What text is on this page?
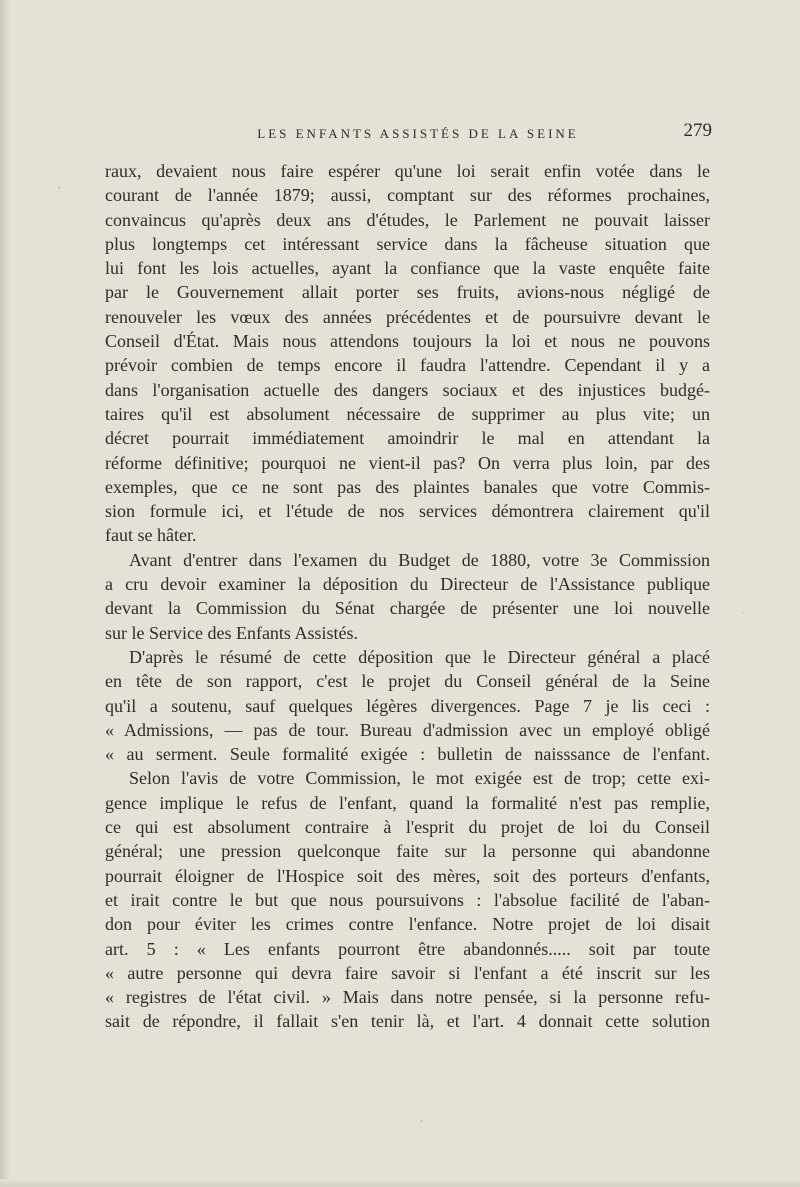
LES ENFANTS ASSISTÉS DE LA SEINE	279
raux, devaient nous faire espérer qu'une loi serait enfin votée dans le
courant de l'année 1879; aussi, comptant sur des réformes prochaines,
convaincus qu'après deux ans d'études, le Parlement ne pouvait laisser
plus longtemps cet intéressant service dans la fâcheuse situation que
lui font les lois actuelles, ayant la confiance que la vaste enquête faite
par le Gouvernement allait porter ses fruits, avions-nous négligé de
renouveler les vœux des années précédentes et de poursuivre devant le
Conseil d'État. Mais nous attendons toujours la loi et nous ne pouvons
prévoir combien de temps encore il faudra l'attendre. Cependant il y a
dans l'organisation actuelle des dangers sociaux et des injustices budgé-
taires qu'il est absolument nécessaire de supprimer au plus vite; un
décret pourrait immédiatement amoindrir le mal en attendant la
réforme définitive; pourquoi ne vient-il pas? On verra plus loin, par des
exemples, que ce ne sont pas des plaintes banales que votre Commis-
sion formule ici, et l'étude de nos services démontrera clairement qu'il
faut se hâter.
Avant d'entrer dans l'examen du Budget de 1880, votre 3e Commission
a cru devoir examiner la déposition du Directeur de l'Assistance publique
devant la Commission du Sénat chargée de présenter une loi nouvelle
sur le Service des Enfants Assistés.
D'après le résumé de cette déposition que le Directeur général a placé
en tête de son rapport, c'est le projet du Conseil général de la Seine
qu'il a soutenu, sauf quelques légères divergences. Page 7 je lis ceci :
« Admissions, — pas de tour. Bureau d'admission avec un employé obligé
« au serment. Seule formalité exigée : bulletin de naisssance de l'enfant.
Selon l'avis de votre Commission, le mot exigée est de trop; cette exi-
gence implique le refus de l'enfant, quand la formalité n'est pas remplie,
ce qui est absolument contraire à l'esprit du projet de loi du Conseil
général; une pression quelconque faite sur la personne qui abandonne
pourrait éloigner de l'Hospice soit des mères, soit des porteurs d'enfants,
et irait contre le but que nous poursuivons : l'absolue facilité de l'aban-
don pour éviter les crimes contre l'enfance. Notre projet de loi disait
art. 5 : « Les enfants pourront être abandonnés..... soit par toute
« autre personne qui devra faire savoir si l'enfant a été inscrit sur les
« registres de l'état civil. » Mais dans notre pensée, si la personne refu-
sait de répondre, il fallait s'en tenir là, et l'art. 4 donnait cette solution
